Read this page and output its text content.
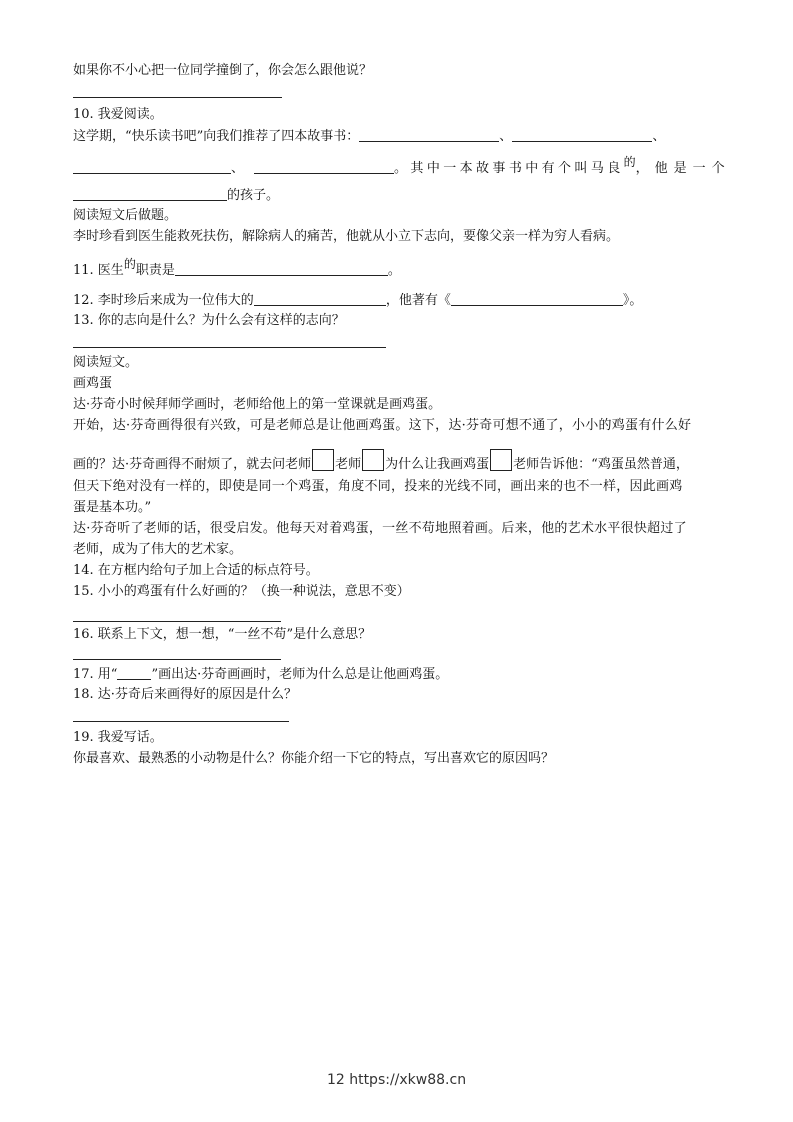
如果你不小心把一位同学撞倒了，你会怎么跟他说？
10. 我爱阅读。
这学期，“快乐读书吧”向我们推荐了四本故事书：	、	、
、	。其中一本故事书中有个叫马良的，他是一个
的孩子。
阅读短文后做题。
李时珍看到医生能救死扶伤，解除病人的痛苦，他就从小立下志向，要像父亲一样为穷人看病。
11. 医生的职责是	。
12. 李时珍后来成为一位伟大的	，他著有《	》。
13. 你的志向是什么？为什么会有这样的志向？
阅读短文。
画鸡蛋
达·芬奇小时候拜师学画时，老师给他上的第一堂课就是画鸡蛋。
开始，达·芬奇画得很有兴致，可是老师总是让他画鸡蛋。这下，达·芬奇可想不通了，小小的鸡蛋有什么好
画的？达·芬奇画得不耐烦了，就去问老师 老师 为什么让我画鸡蛋 老师告诉他：“鸡蛋虽然普通，
但天下绝对没有一样的，即使是同一个鸡蛋，角度不同，投来的光线不同，画出来的也不一样，因此画鸡
蛋是基本功。”
达·芬奇听了老师的话，很受启发。他每天对着鸡蛋，一丝不苟地照着画。后来，他的艺术水平很快超过了
老师，成为了伟大的艺术家。
14. 在方框内给句子加上合适的标点符号。
15. 小小的鸡蛋有什么好画的？（换一种说法，意思不变）
16. 联系上下文，想一想，“一丝不苟”是什么意思？
17. 用“	”画出达·芬奇画画时，老师为什么总是让他画鸡蛋。
18. 达·芬奇后来画得好的原因是什么？
19. 我爱写话。
你最喜欢、最熟悉的小动物是什么？你能介绍一下它的特点，写出喜欢它的原因吗？
12 https://xkw88.cn
